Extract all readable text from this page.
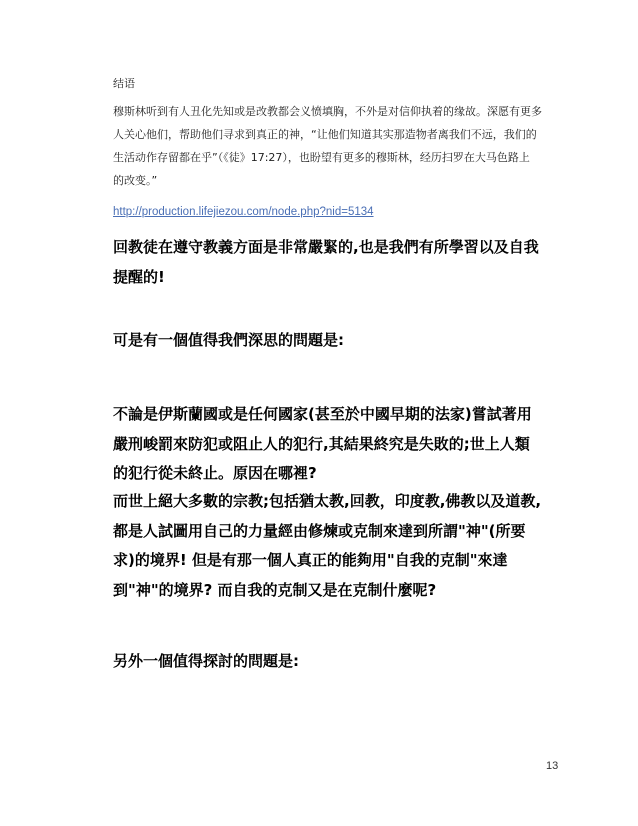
结语
穆斯林听到有人丑化先知或是改教都会义愤填胸，不外是对信仰执着的缘故。深愿有更多
人关心他们，帮助他们寻求到真正的神，“让他们知道其实那造物者离我们不远，我们的
生活动作存留都在乎”（《徒》17:27），也盼望有更多的穆斯林，经历扫罗在大马色路上
的改变。”
http://production.lifejiezou.com/node.php?nid=5134
回教徒在遵守教義方面是非常嚴緊的,也是我們有所學習以及自我
提醒的!
可是有一個值得我們深思的問題是:
不論是伊斯蘭國或是任何國家(甚至於中國早期的法家)嘗試著用
嚴刑峻罰來防犯或阻止人的犯行,其結果終究是失敗的;世上人類
的犯行從未終止。原因在哪裡?
而世上絕大多數的宗教;包括猶太教,回教，印度教,佛教以及道教,
都是人試圖用自己的力量經由修煉或克制來達到所謂"神"(所要
求)的境界! 但是有那一個人真正的能夠用"自我的克制"來達
到"神"的境界? 而自我的克制又是在克制什麼呢?
另外一個值得探討的問題是:
13
